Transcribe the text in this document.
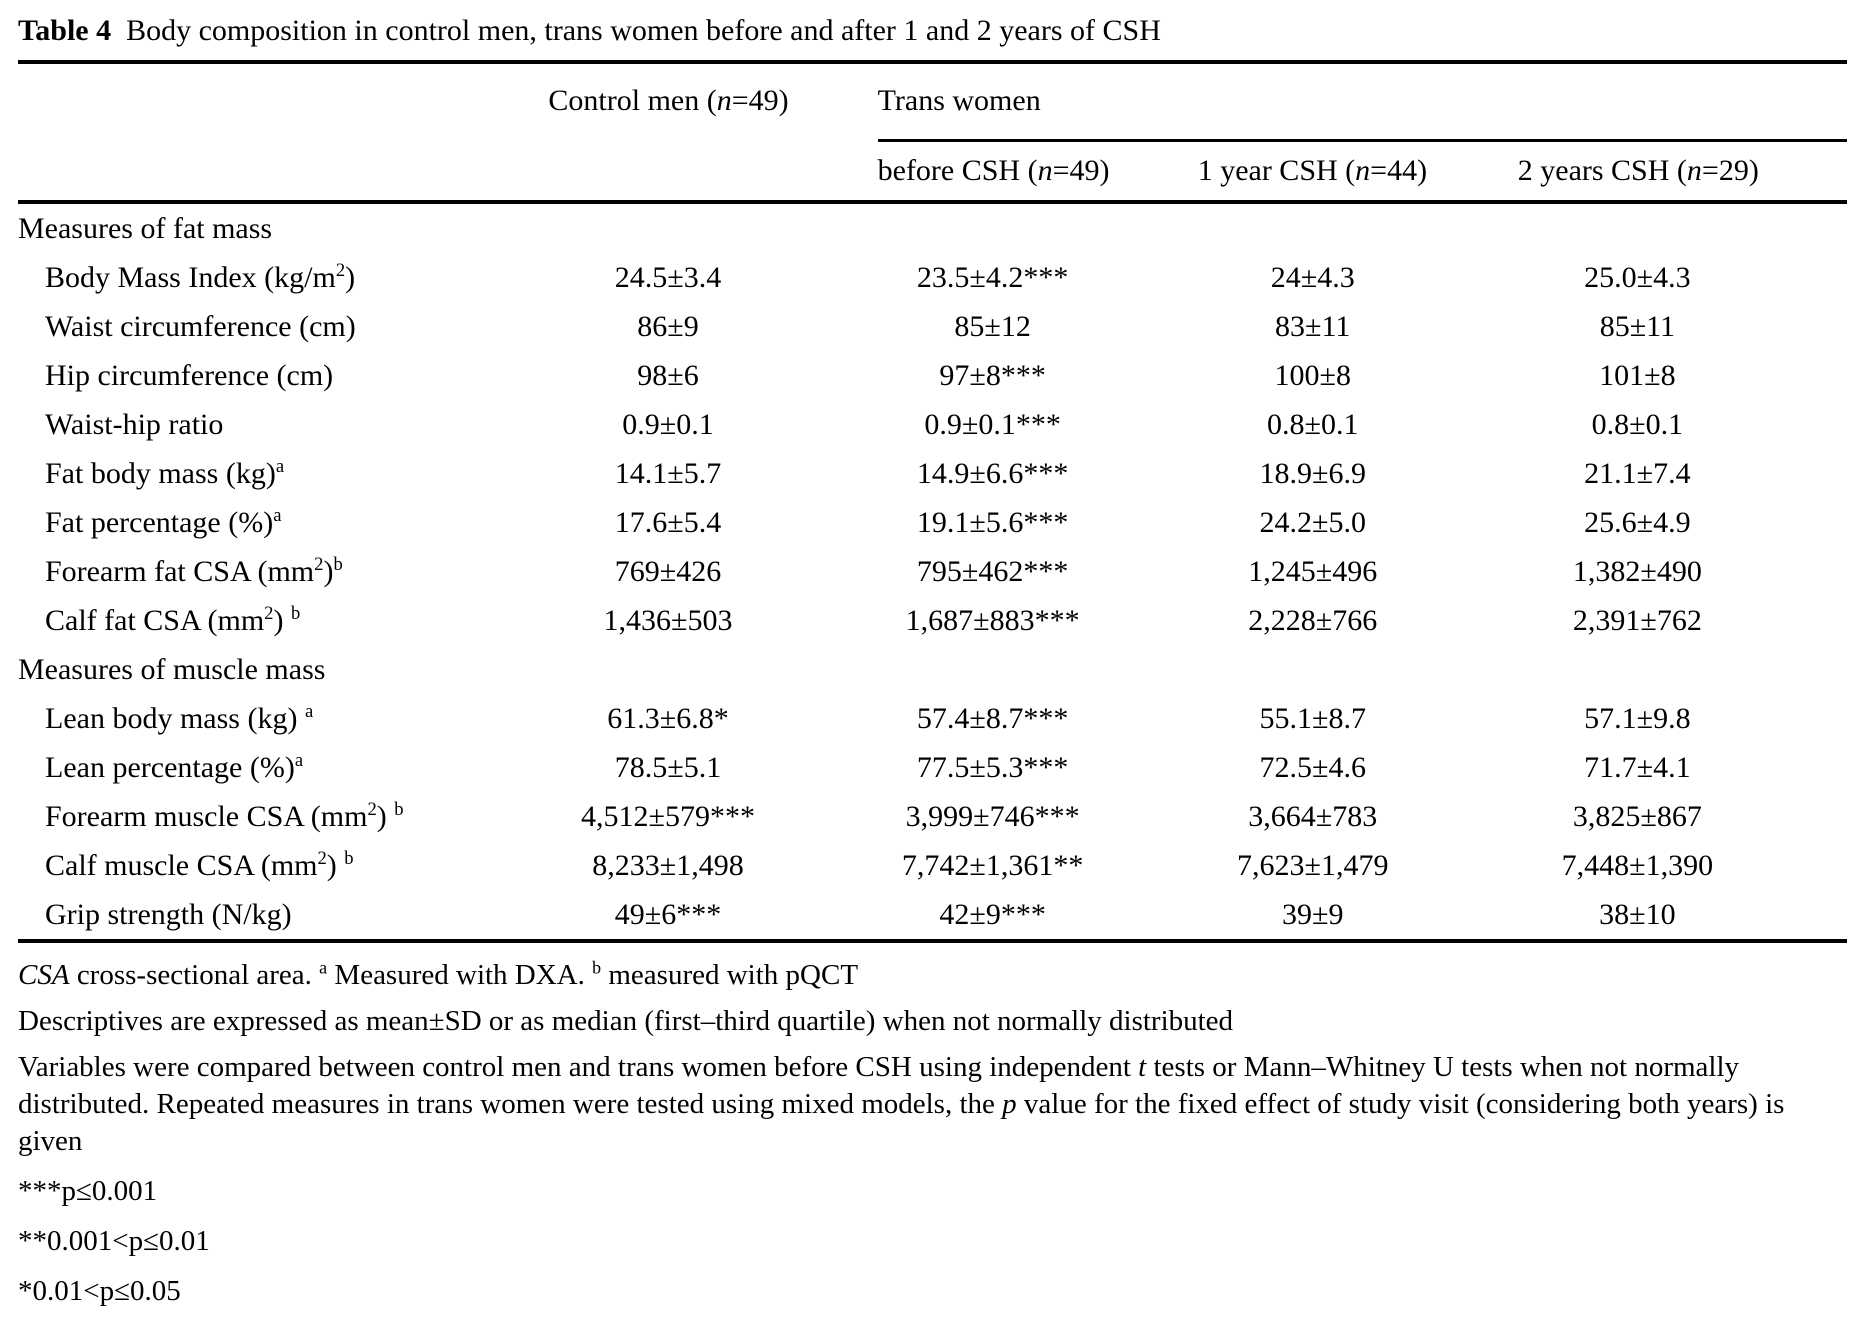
Table 4 Body composition in control men, trans women before and after 1 and 2 years of CSH
	Control men (n=49)	Trans women		
		before CSH (n=49)	1 year CSH (n=44)	2 years CSH (n=29)
Measures of fat mass				
Body Mass Index $(kg/m^2)$	24.5±3.4	23.5±4.2***	24±4.3	25.0±4.3
Waist circumference (cm)	86±9	85±12	83±11	85±11
Hip circumference (cm)	98±6	97±8***	100±8	101±8
Waist-hip ratio	0.9±0.1	0.9±0.1***	0.8±0.1	0.8±0.1
Fat body mass (kg)$^a$	14.1±5.7	14.9±6.6***	18.9±6.9	21.1±7.4
Fat percentage (%)$^a$	17.6±5.4	19.1±5.6***	24.2±5.0	25.6±4.9
Forearm fat CSA $(mm^2)^b$	769±426	795±462***	1,245±496	1,382±490
Calf fat CSA $(mm^2)$ $^b$	1,436±503	1,687±883***	2,228±766	2,391±762
Measures of muscle mass				
Lean body mass (kg) $^a$	61.3±6.8*	57.4±8.7***	55.1±8.7	57.1±9.8
Lean percentage (%)$^a$	78.5±5.1	77.5±5.3***	72.5±4.6	71.7±4.1
Forearm muscle CSA $(mm^2)$ $^b$	4,512±579***	3,999±746***	3,664±783	3,825±867
Calf muscle CSA $(mm^2)$ $^b$	8,233±1,498	7,742±1,361**	7,623±1,479	7,448±1,390
Grip strength (N/kg)	49±6***	42±9***	39±9	38±10
CSA cross-sectional area. $^a$ Measured with DXA. $^b$ measured with pQCT
Descriptives are expressed as mean±SD or as median (first–third quartile) when not normally distributed
Variables were compared between control men and trans women before CSH using independent t tests or Mann–Whitney U tests when not normally distributed. Repeated measures in trans women were tested using mixed models, the p value for the fixed effect of study visit (considering both years) is given
***p≤0.001
**0.001<p≤0.01
*0.01<p≤0.05
